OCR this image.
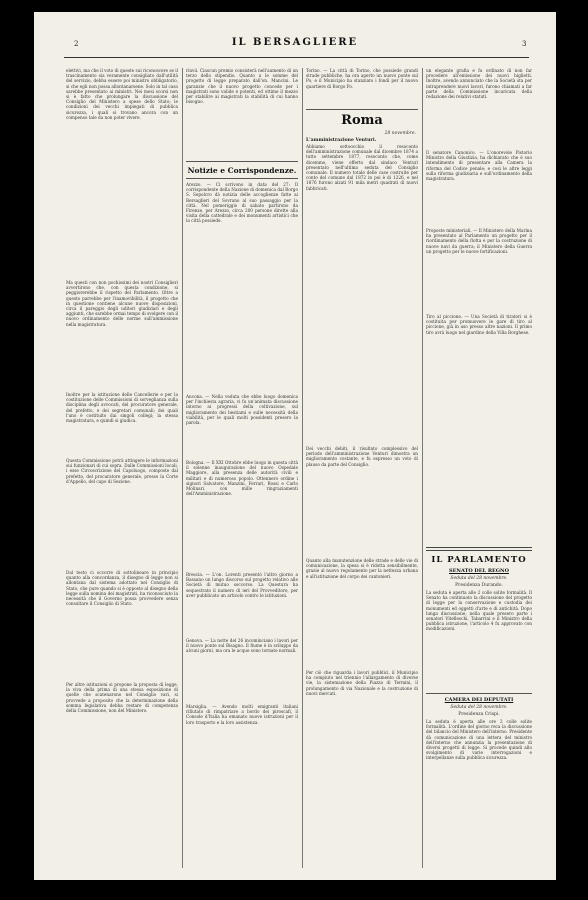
2	IL BERSAGLIERE	3

elettivi, ma che il voto di queste sui riconoscere se il trascinamento sia veramente consigliato dall'utilità del servizio, debba essere poi ministro obbligatorio, si che egli non possa allontanarsene. Solo in tal caso sarebbe presentato ai ministri. Nei mesi scorsi non si è fatto che prolungare la discussione del Consiglio del Ministero a spese dello Stato; le condizioni dei vecchi impiegati di pubblica sicurezza, i quali si trovano ancora con un compenso tale da non poter vivere.

Ma questi con non pochissimi dei nostri Consiglieri avvertirono che, con questa condizione, si peggiorerebbe il rispetto del Parlamento. Oltre a questo parrebbe per l'inamovibilità, il progetto che in questione contiene alcune nuove disposizioni, circa il pareggio degli uditori giudiziari e degli aggiunti, che sarebbe ormai tempo di svolgere con il nuovo ordinamento delle norme sull'ammissione nella magistratura.

Inoltre per la istituzione delle Cancellerie e per la costituzione delle Commissioni di sorveglianza sulla disciplina degli avvocati, del procuratore generale, del prefetto, e dei segretari comunali; dei quali l'uno è costituito dai singoli collegi; la stessa magistratura, e quindi si giudica.

Questa Commissione potrà attingere le informazioni sui funzionari di cui sopra. Dalle Commissioni locali, i esse Circoscrizione del Capoluogo, composte dal prefetto, del procuratore generale, presso la Corte d'Appello, del capo di Sezione.

Dal testo ci occorre di sottolineare in principio quanto alla concordanza, il disegno di legge non si allontana dal sistema adottato nel Consiglio di Stato, che pure quando si è opposto al disegno della legge sulla nomina dei magistrati, ha riconosciuto la necessità che il Governo possa provvedere senza consultare il Consiglio di Stato.

Per altre istituzioni si propone la proposta di legge, la viva della prima di una stessa esposizione di quelle che scatenarono nel Consiglio vari, si provvede a proposito che la determinazione della somma legislativa debba restare di competenza della Commissione, non del Ministero.

rinvii. Ciascun premio consisterà nell'aumento di un terzo dello stipendio. Quanto a le somme del progetto di legge preparato dall'on. Mancini. Le garanzie che il nuovo progetto concede per i magistrati sono valide e potenti, ed ottime il mezzo per stabilire ai magistrati la stabilità di cui hanno bisogno.

Notizie e Corrispondenze.

Arezzo. — Ci scrivono in data del 27: Il corrispondente della Nazione di domenica dal Borgo S. Sepolcro dà notizia delle accoglienze fatte ai Bersaglieri del Sovrano al suo passaggio per la città. Nel pomeriggio di sabato partirono da Firenze, per Arezzo, circa 200 persone dirette alla visita della cattedrale e dei monumenti artistici che la città possiede.

Ancona. — Nella veduta che ebbe luogo domenica per l'inchiesta agraria, vi fu un'animata discussione intorno ai progressi della coltivazione, sul miglioramento dei bestiami e sulle necessità della viabilità, per le quali molti possidenti presero la parola.

Bologna. — Il XXI Ottobre ebbe luogo in questa città il solenne inaugurazione del nuovo Ospedale Maggiore, alla presenza delle autorità civili e militari e di numeroso popolo. Ottennero ordine i signori Salvatore, Manzini, Ferrari, Rossi e Carlo Molinari, con mille ringraziamenti dell'Amministrazione.

Brescia. — L'on. Lorenti presentò l'altro giorno a Bassano un lungo discorso sul progetto relativo alle Società di mutuo soccorso. La Questura ha sequestrato il numero di ieri del Provveditore, per aver pubblicato un articolo contro le istituzioni.

Genova. — La notte del 26 incominciano i lavori per il nuovo ponte sul Bisagno. Il fiume è in sviluppo da alcuni giorni, ma ora le acque sono tornate normali.

Marsiglia. — Avendo molti emigranti italiani rifiutato di rimpatriare a bordo dei piroscafi, il Console d'Italia ha emanato nuove istruzioni per il loro trasporto e la loro assistenza.

Torino. — La città di Torino, che possiede grandi strade pubbliche, ha ora aperto un nuovo ponte sul Po, e il Municipio ha stanziato i fondi per il nuovo quartiere di Borgo Po.

Roma
28 novembre.
L'amministrazione Venturi.

Abbiamo sottoocchio il resoconto dell'amministrazione comunale dal dicembre 1874 a tutto settembre 1877, resoconto che, come dicemmo, viene offerto dal sindaco Venturi presentato nell'ultima seduta del Consiglio comunale. Il numero totale delle case costruite per conto del comune dal 1872 in poi è di 1226, e nel 1876 furono alzati 91 mila metri quadrati di nuovi fabbricati.

Dei vecchi debiti, il risultato complessivo del periodo dell'amministrazione Venturi dimostra un miglioramento costante, e fu espresso un voto di plauso da parte del Consiglio.

Quanto alla manutenzione delle strade e delle vie di comunicazione, la spesa si è ridotta sensibilmente, grazie al nuovo regolamento per la nettezza urbana e all'istituzione del corpo dei cantonieri.

Per ciò che riguarda i lavori pubblici, il Municipio ha compiuto nel triennio l'allargamento di diverse vie, la sistemazione della Piazza di Termini, il prolungamento di via Nazionale e la costruzione di nuovi mercati.

un elegante grafia e fu ordinato di non far procedere all'emissione dei nuovi biglietti. Inoltre, avendo annunciato che la Società sta per intraprendere nuovi lavori, furono chiamati a far parte della Commissione incaricata della redazione dei relativi statuti.

Il senatore Canonico. — L'onorevole Pistorio Ministro della Giustizia, ha dichiarato che è suo intendimento di presentare alla Camera la riforma del Codice penale; e così le altre leggi sulla riforma giudiziaria e sull'ordinamento della magistratura.

Proposte ministeriali. — Il Ministero della Marina ha presentato al Parlamento un progetto per il riordinamento della flotta e per la costruzione di nuove navi da guerra; il Ministero della Guerra un progetto per le nuove fortificazioni.

Tiro al piccione. — Una Società di tiratori si è costituita per promuovere le gare di tiro al piccione, già in uso presso altre nazioni. Il primo tiro avrà luogo nel giardino della Villa Borghese.

IL PARLAMENTO
SENATO DEL REGNO
Seduta del 28 novembre.
Presidenza Durando.

La seduta è aperta alle 2 colle solite formalità. Il Senato ha continuato la discussione del progetto di legge per la conservazione e custodia dei monumenti ed oggetti d'arte e di antichità. Dopo lunga discussione, nella quale presero parte i senatori Vitelleschi, Tabarrini e il Ministro della pubblica istruzione, l'articolo 4 fu approvato con modificazioni.

CAMERA DEI DEPUTATI
Seduta del 28 novembre.
Presidenza Crispi.

La seduta è aperta alle ore 2 colle solite formalità. L'ordine del giorno reca la discussione del bilancio del Ministero dell'interno. Presidente dà comunicazione di una lettera del ministro dell'interno che annunzia la presentazione di diversi progetti di legge. Si procede quindi allo svolgimento di varie interrogazioni e interpellanze sulla pubblica sicurezza.
